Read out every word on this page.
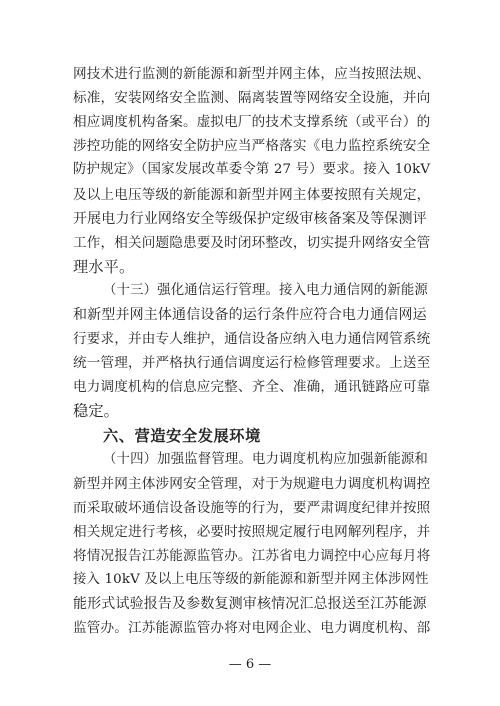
网技术进行监测的新能源和新型并网主体，应当按照法规、
标准，安装网络安全监测、隔离装置等网络安全设施，并向
相应调度机构备案。虚拟电厂的技术支撑系统（或平台）的
涉控功能的网络安全防护应当严格落实《电力监控系统安全
防护规定》（国家发展改革委令第 27 号）要求。接入 10kV
及以上电压等级的新能源和新型并网主体要按照有关规定，
开展电力行业网络安全等级保护定级审核备案及等保测评
工作，相关问题隐患要及时闭环整改，切实提升网络安全管
理水平。
（十三）强化通信运行管理。接入电力通信网的新能源
和新型并网主体通信设备的运行条件应符合电力通信网运
行要求，并由专人维护，通信设备应纳入电力通信网管系统
统一管理，并严格执行通信调度运行检修管理要求。上送至
电力调度机构的信息应完整、齐全、准确，通讯链路应可靠
稳定。
六、营造安全发展环境
（十四）加强监督管理。电力调度机构应加强新能源和
新型并网主体涉网安全管理，对于为规避电力调度机构调控
而采取破坏通信设备设施等的行为，要严肃调度纪律并按照
相关规定进行考核，必要时按照规定履行电网解列程序，并
将情况报告江苏能源监管办。江苏省电力调控中心应每月将
接入 10kV 及以上电压等级的新能源和新型并网主体涉网性
能形式试验报告及参数复测审核情况汇总报送至江苏能源
— 6 —
监管办。江苏能源监管办将对电网企业、电力调度机构、部
